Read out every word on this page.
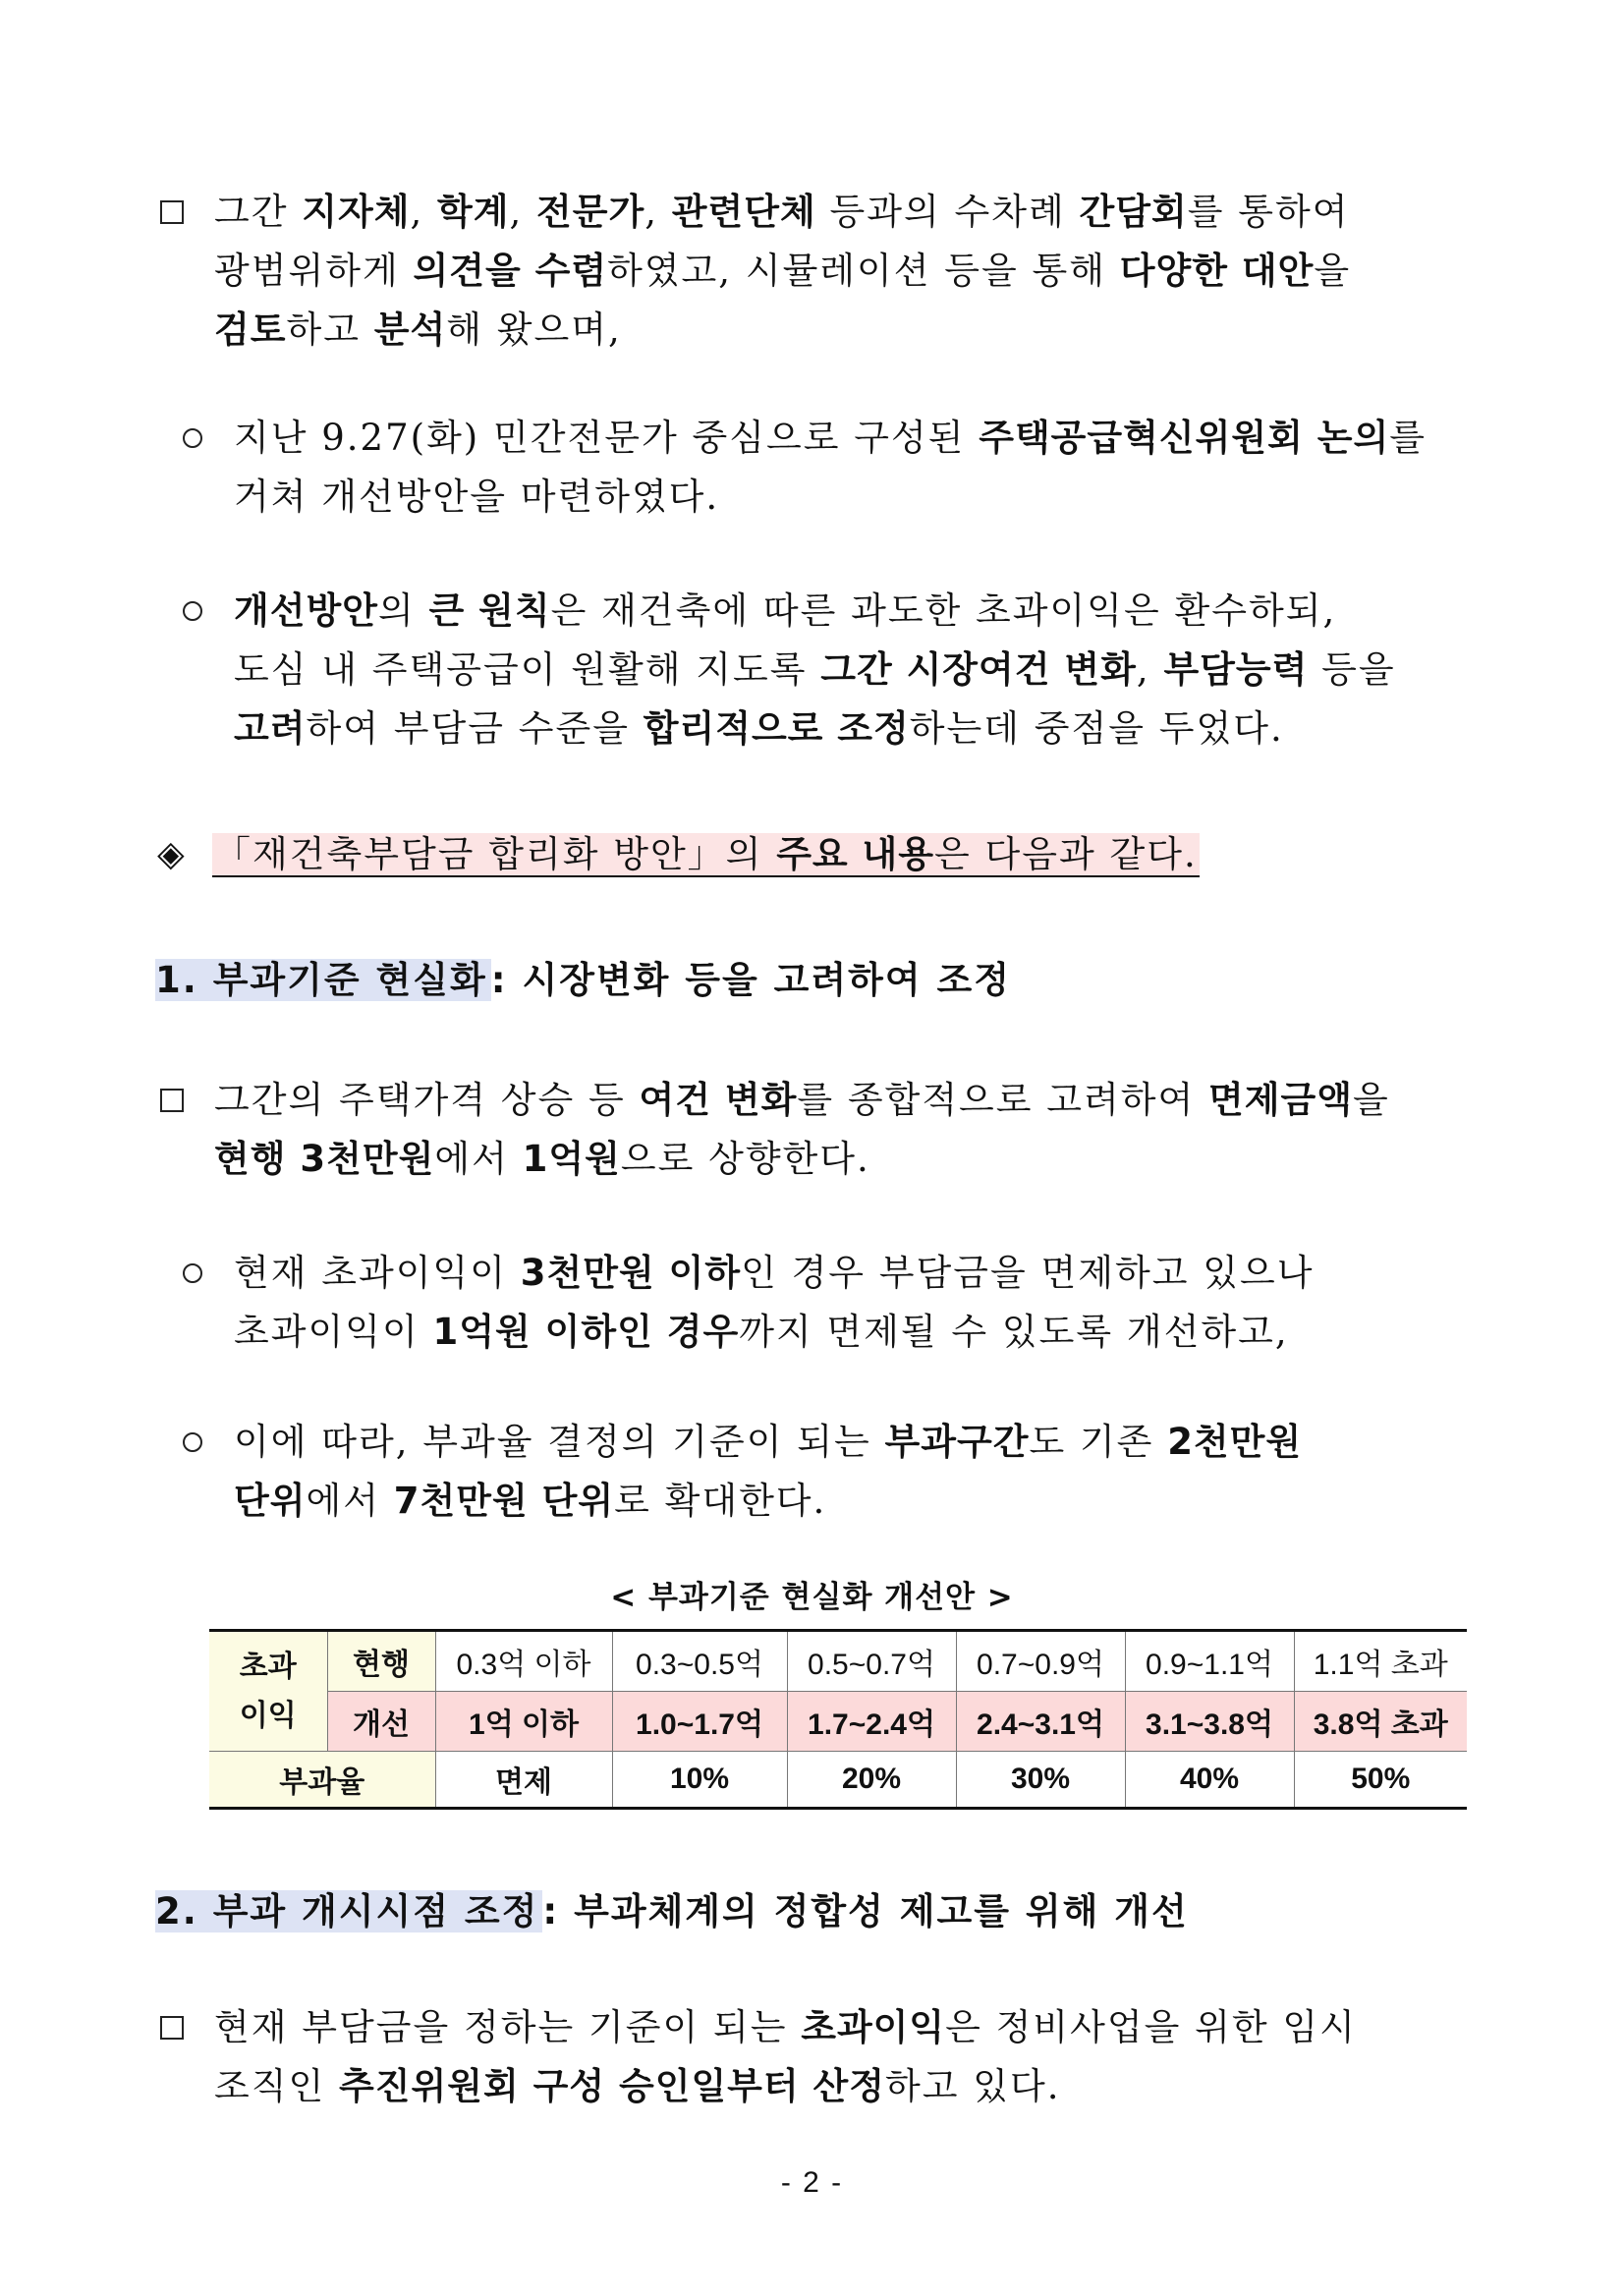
그간 지자체, 학계, 전문가, 관련단체 등과의 수차례 간담회를 통하여
광범위하게 의견을 수렴하였고, 시뮬레이션 등을 통해 다양한 대안을
검토하고 분석해 왔으며,
지난 9.27(화) 민간전문가 중심으로 구성된 주택공급혁신위원회 논의를
거쳐 개선방안을 마련하였다.
개선방안의 큰 원칙은 재건축에 따른 과도한 초과이익은 환수하되,
도심 내 주택공급이 원활해 지도록 그간 시장여건 변화, 부담능력 등을
고려하여 부담금 수준을 합리적으로 조정하는데 중점을 두었다.
◈ 「재건축부담금 합리화 방안」의 주요 내용은 다음과 같다.
1. 부과기준 현실화 : 시장변화 등을 고려하여 조정
그간의 주택가격 상승 등 여건 변화를 종합적으로 고려하여 면제금액을
현행 3천만원에서 1억원으로 상향한다.
현재 초과이익이 3천만원 이하인 경우 부담금을 면제하고 있으나
초과이익이 1억원 이하인 경우까지 면제될 수 있도록 개선하고,
이에 따라, 부과율 결정의 기준이 되는 부과구간도 기존 2천만원
단위에서 7천만원 단위로 확대한다.
< 부과기준 현실화 개선안 >
초과
이익	현행	0.3억 이하	0.3~0.5억	0.5~0.7억	0.7~0.9억	0.9~1.1억	1.1억 초과
	개선	1억 이하	1.0~1.7억	1.7~2.4억	2.4~3.1억	3.1~3.8억	3.8억 초과
부과율		면제	10%	20%	30%	40%	50%
2. 부과 개시시점 조정 : 부과체계의 정합성 제고를 위해 개선
현재 부담금을 정하는 기준이 되는 초과이익은 정비사업을 위한 임시
조직인 추진위원회 구성 승인일부터 산정하고 있다.
- 2 -
